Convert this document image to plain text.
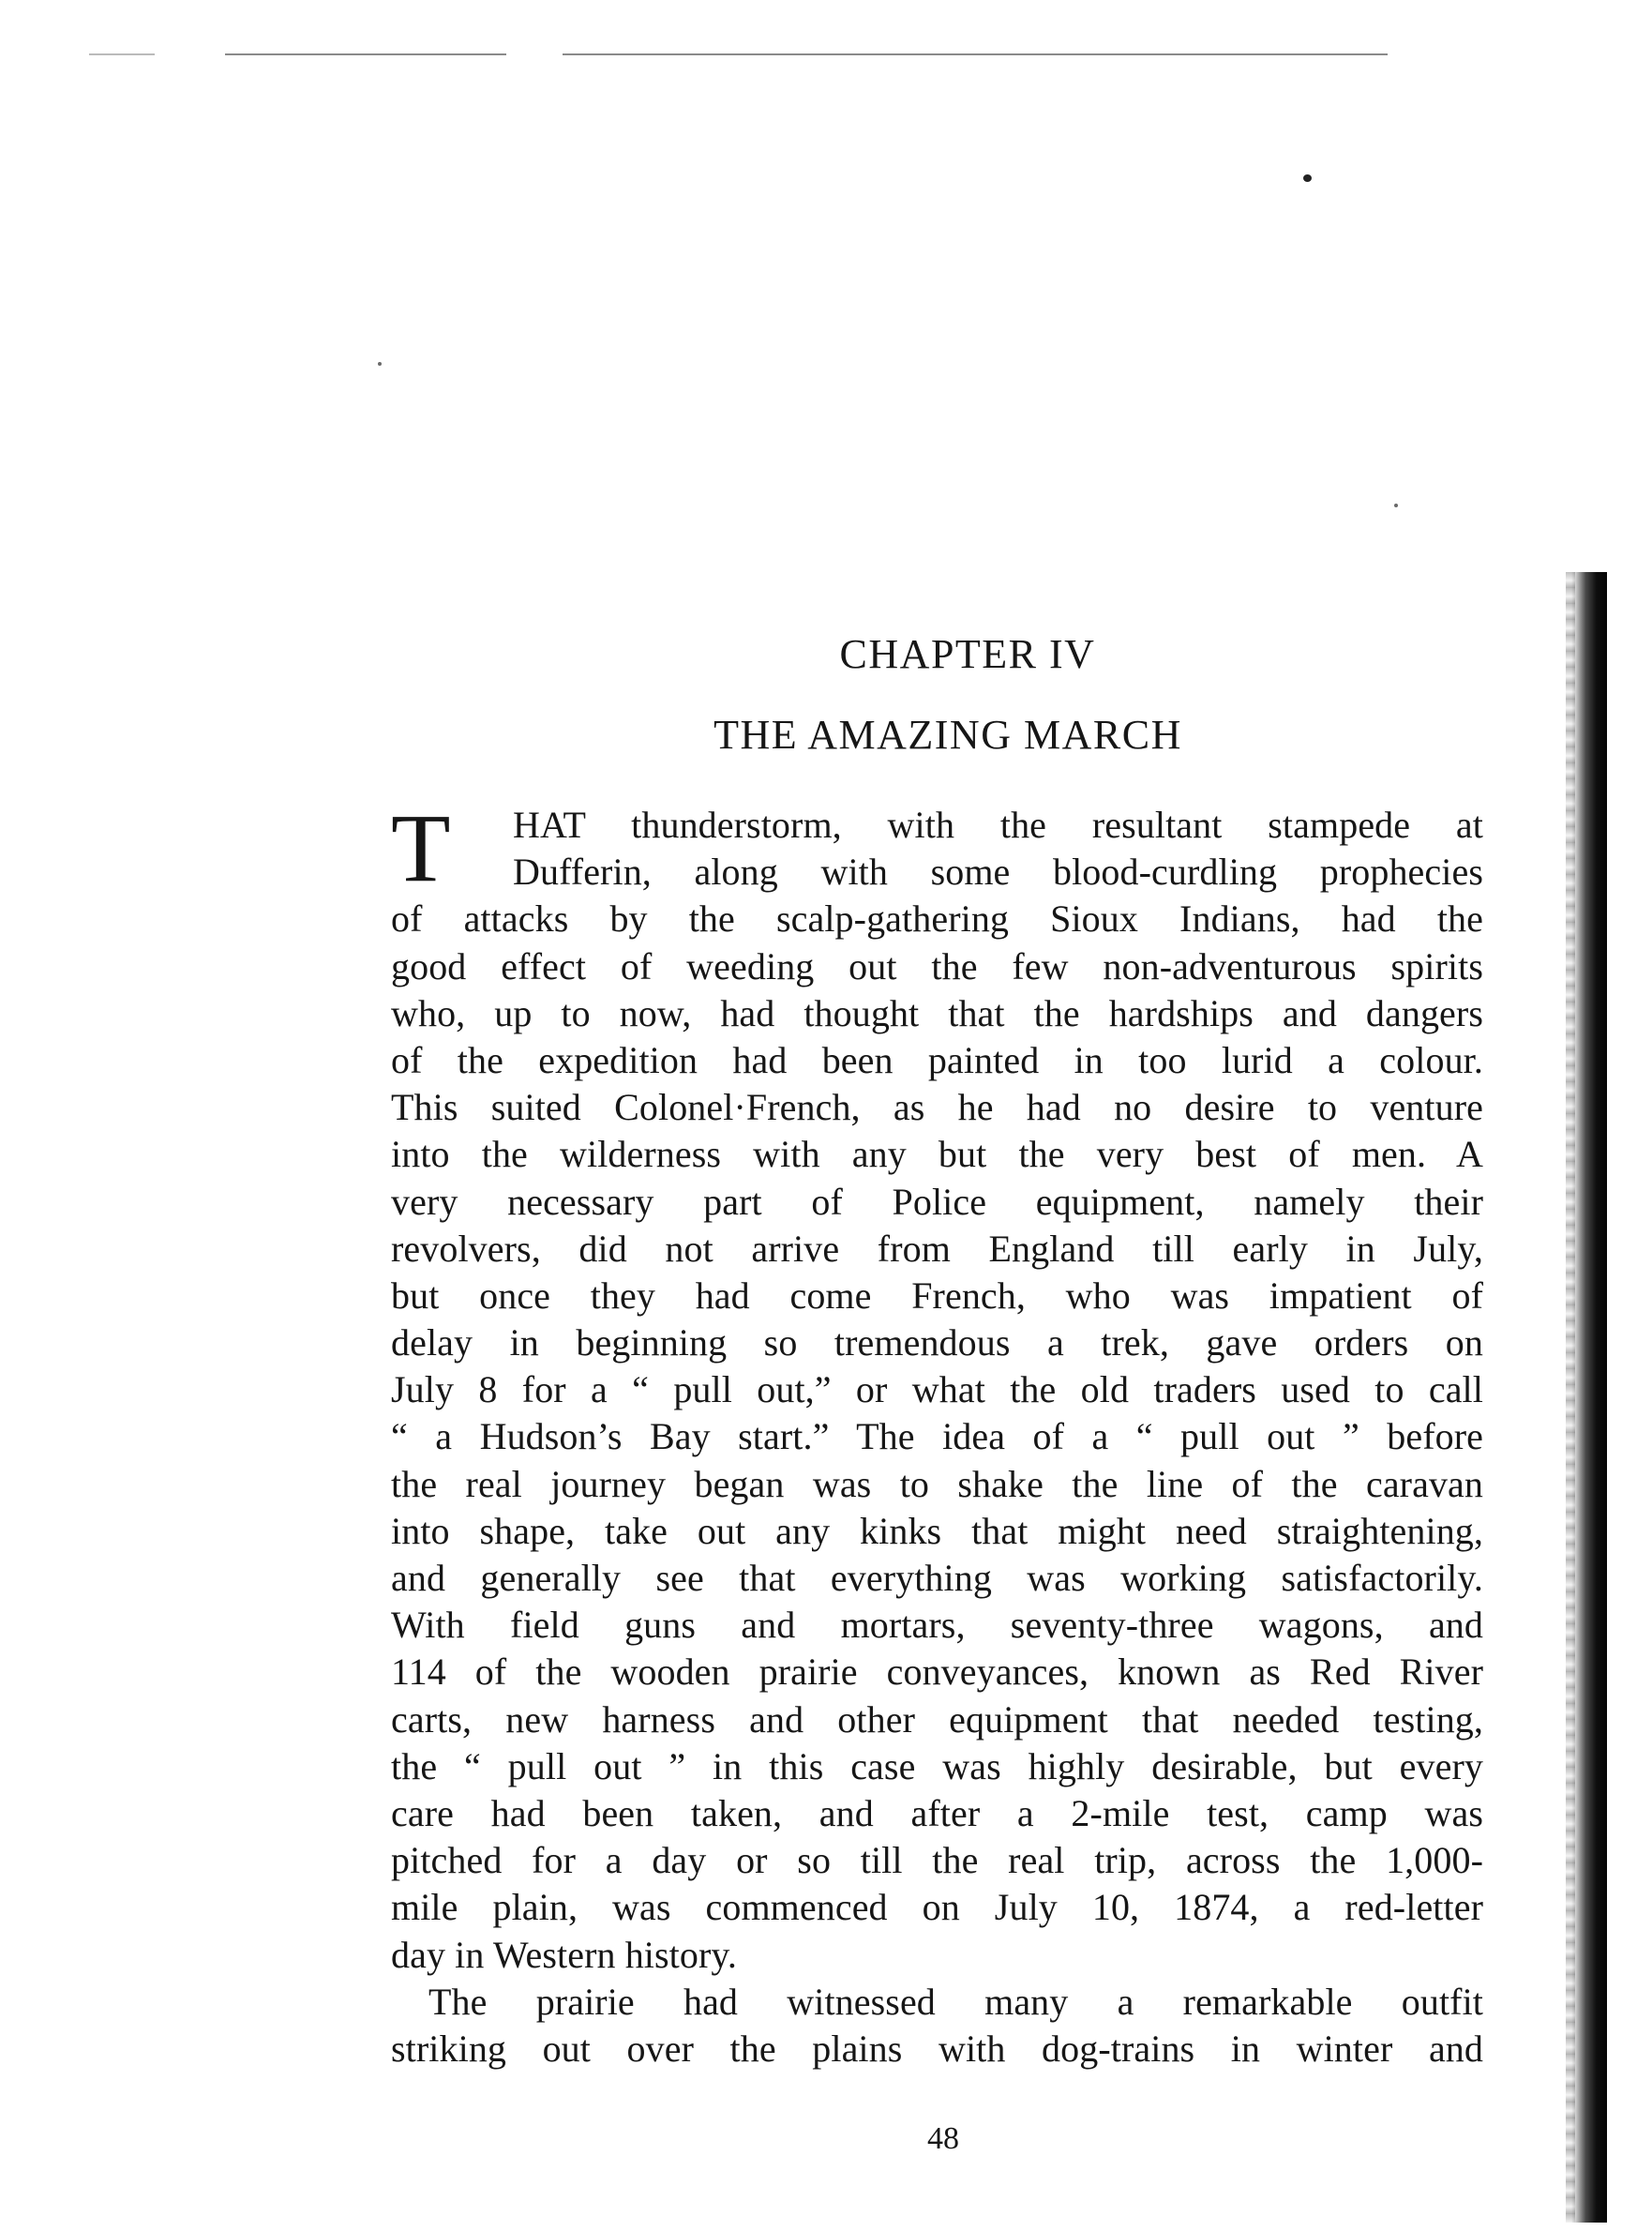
CHAPTER IV
THE AMAZING MARCH
T	HAT thunderstorm, with the resultant stampede at
Dufferin, along with some blood-curdling prophecies
of attacks by the scalp-gathering Sioux Indians, had the
good effect of weeding out the few non-adventurous spirits
who, up to now, had thought that the hardships and dangers
of the expedition had been painted in too lurid a colour.
This suited Colonel·French, as he had no desire to venture
into the wilderness with any but the very best of men. A
very necessary part of Police equipment, namely their
revolvers, did not arrive from England till early in July,
but once they had come French, who was impatient of
delay in beginning so tremendous a trek, gave orders on
July 8 for a “ pull out,” or what the old traders used to call
“ a Hudson’s Bay start.” The idea of a “ pull out ” before
the real journey began was to shake the line of the caravan
into shape, take out any kinks that might need straightening,
and generally see that everything was working satisfactorily.
With field guns and mortars, seventy-three wagons, and
114 of the wooden prairie conveyances, known as Red River
carts, new harness and other equipment that needed testing,
the “ pull out ” in this case was highly desirable, but every
care had been taken, and after a 2-mile test, camp was
pitched for a day or so till the real trip, across the 1,000-
mile plain, was commenced on July 10, 1874, a red-letter
day in Western history.
The prairie had witnessed many a remarkable outfit
striking out over the plains with dog-trains in winter and

48
